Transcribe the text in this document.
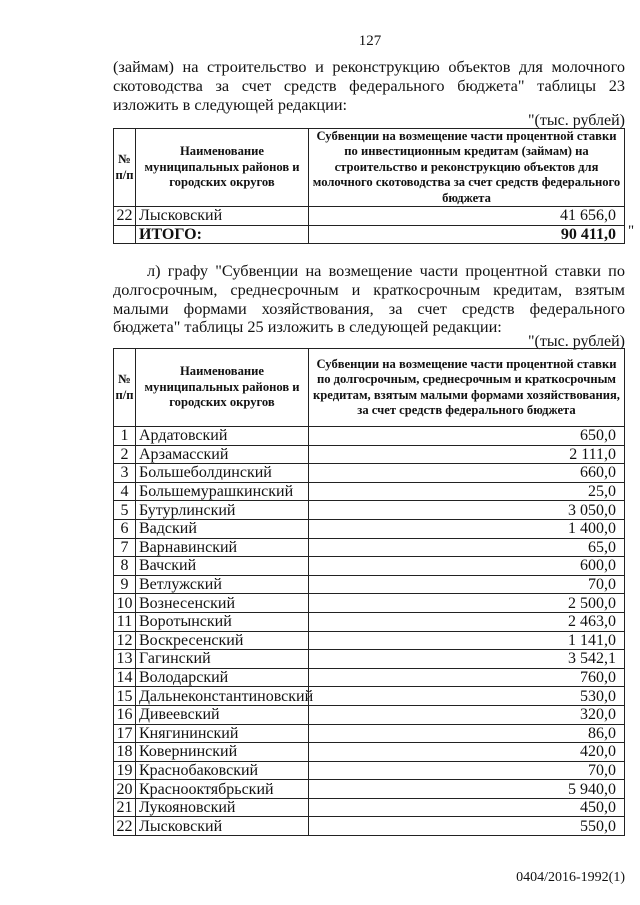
127
(займам) на строительство и реконструкцию объектов для молочного скотоводства за счет средств федерального бюджета" таблицы 23 изложить в следующей редакции:
"(тыс. рублей)
№ п/п	Наименование муниципальных районов и городских округов	Субвенции на возмещение части процентной ставки по инвестиционным кредитам (займам) на строительство и реконструкцию объектов для молочного скотоводства за счет средств федерального бюджета
22	Лысковский	41 656,0
	ИТОГО:	90 411,0 "
л) графу "Субвенции на возмещение части процентной ставки по долгосрочным, среднесрочным и краткосрочным кредитам, взятым малыми формами хозяйствования, за счет средств федерального бюджета" таблицы 25 изложить в следующей редакции:
"(тыс. рублей)
№ п/п	Наименование муниципальных районов и городских округов	Субвенции на возмещение части процентной ставки по долгосрочным, среднесрочным и краткосрочным кредитам, взятым малыми формами хозяйствования, за счет средств федерального бюджета
1	Ардатовский	650,0
2	Арзамасский	2 111,0
3	Большеболдинский	660,0
4	Большемурашкинский	25,0
5	Бутурлинский	3 050,0
6	Вадский	1 400,0
7	Варнавинский	65,0
8	Вачский	600,0
9	Ветлужский	70,0
10	Вознесенский	2 500,0
11	Воротынский	2 463,0
12	Воскресенский	1 141,0
13	Гагинский	3 542,1
14	Володарский	760,0
15	Дальнеконстантиновский	530,0
16	Дивеевский	320,0
17	Княгининский	86,0
18	Ковернинский	420,0
19	Краснобаковский	70,0
20	Краснооктябрьский	5 940,0
21	Лукояновский	450,0
22	Лысковский	550,0
0404/2016-1992(1)
